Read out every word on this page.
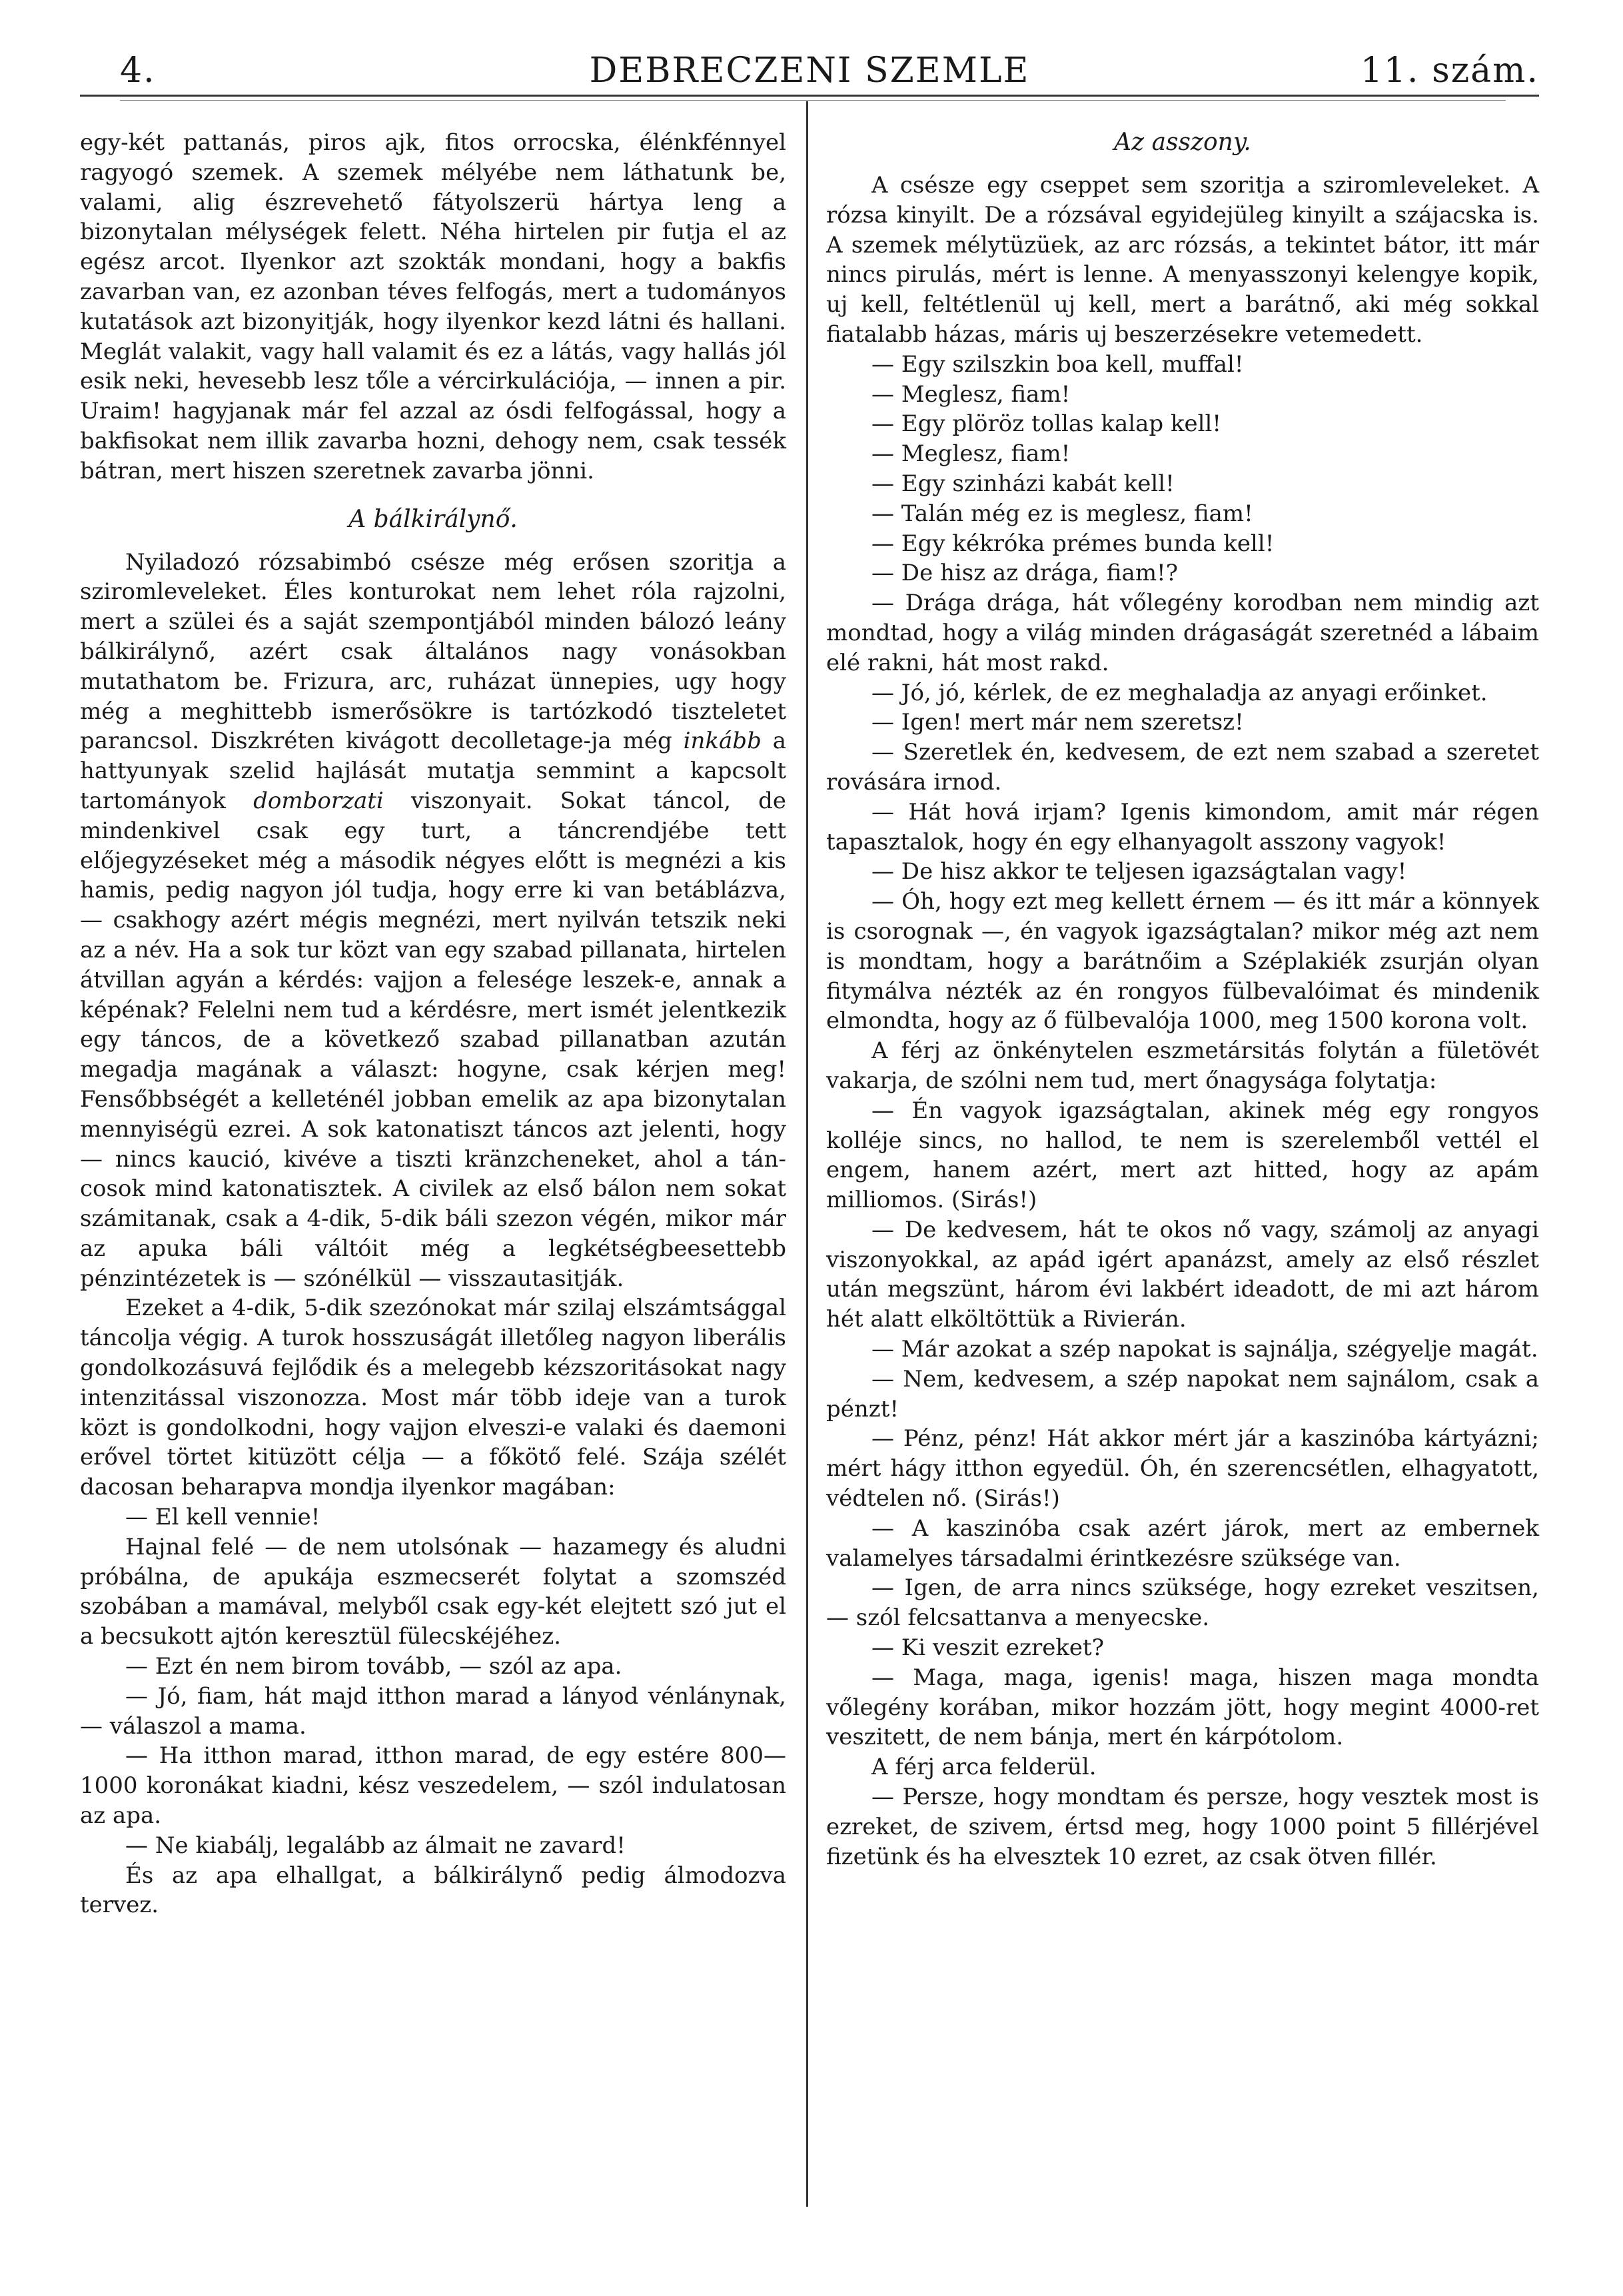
4.	DEBRECZENI SZEMLE	11. szám.

egy-két pattanás, piros ajk, fitos orrocska, élénkfénnyel ragyogó szemek. A szemek mélyébe nem láthatunk be, valami, alig észrevehető fátyolszerü hártya leng a bizonytalan mélységek felett. Néha hirtelen pir futja el az egész arcot. Ilyenkor azt szokták mondani, hogy a bakfis zavarban van, ez azonban téves felfogás, mert a tudományos kutatások azt bizonyitják, hogy ilyenkor kezd látni és hallani. Meglát valakit, vagy hall valamit és ez a látás, vagy hallás jól esik neki, hevesebb lesz tőle a vércirkulációja, — innen a pir. Uraim! hagyjanak már fel azzal az ósdi felfogással, hogy a bakfisokat nem illik zavarba hozni, dehogy nem, csak tessék bátran, mert hiszen szeretnek zavarba jönni.

A bálkirálynő.

Nyiladozó rózsabimbó csésze még erősen szoritja a sziromleveleket. Éles konturokat nem lehet róla rajzolni, mert a szülei és a saját szempontjából minden bálozó leány bálkirálynő, azért csak általános nagy vonásokban mutathatom be. Frizura, arc, ruházat ünnepies, ugy hogy még a meghittebb ismerősökre is tartózkodó tiszteletet parancsol. Diszkréten kivágott decolletage-ja még inkább a hattyunyak szelid hajlását mutatja semmint a kapcsolt tartományok domborzati viszonyait. Sokat táncol, de mindenkivel csak egy turt, a táncrendjébe tett előjegyzéseket még a második négyes előtt is megnézi a kis hamis, pedig nagyon jól tudja, hogy erre ki van betáblázva, — csakhogy azért mégis megnézi, mert nyilván tetszik neki az a név. Ha a sok tur közt van egy szabad pillanata, hirtelen átvillan agyán a kérdés: vajjon a felesége leszek-e, annak a képénak? Felelni nem tud a kérdésre, mert ismét jelentkezik egy táncos, de a következő szabad pillanatban azután megadja magának a választ: hogyne, csak kérjen meg! Fensőbbségét a kelleténél jobban emelik az apa bizonytalan mennyiségü ezrei. A sok katonatiszt táncos azt jelenti, hogy — nincs kaució, kivéve a tiszti kränzcheneket, ahol a táncosok mind katonatisztek. A civilek az első bálon nem sokat számitanak, csak a 4-dik, 5-dik báli szezon végén, mikor már az apuka báli váltóit még a legkétségbeesettebb pénzintézetek is — szónélkül — visszautasitják.

Ezeket a 4-dik, 5-dik szezónokat már szilaj elszámtsággal táncolja végig. A turok hosszuságát illetőleg nagyon liberális gondolkozásuvá fejlődik és a melegebb kézszoritásokat nagy intenzitással viszonozza. Most már több ideje van a turok közt is gondolkodni, hogy vajjon elveszi-e valaki és daemoni erővel törtet kitüzött célja — a főkötő felé. Szája szélét dacosan beharapva mondja ilyenkor magában:

— El kell vennie!

Hajnal felé — de nem utolsónak — hazamegy és aludni próbálna, de apukája eszmecserét folytat a szomszéd szobában a mamával, melyből csak egy-két elejtett szó jut el a becsukott ajtón keresztül fülecskéjéhez.

— Ezt én nem birom tovább, — szól az apa.

— Jó, fiam, hát majd itthon marad a lányod vénlánynak, — válaszol a mama.

— Ha itthon marad, itthon marad, de egy estére 800—1000 koronákat kiadni, kész veszedelem, — szól indulatosan az apa.

— Ne kiabálj, legalább az álmait ne zavard!

És az apa elhallgat, a bálkirálynő pedig álmodozva tervez.

Az asszony.

A csésze egy cseppet sem szoritja a sziromleveleket. A rózsa kinyilt. De a rózsával egyidejüleg kinyilt a szájacska is. A szemek mélytüzüek, az arc rózsás, a tekintet bátor, itt már nincs pirulás, mért is lenne. A menyasszonyi kelengye kopik, uj kell, feltétlenül uj kell, mert a barátnő, aki még sokkal fiatalabb házas, máris uj beszerzésekre vetemedett.

— Egy szilszkin boa kell, muffal!

— Meglesz, fiam!

— Egy plöröz tollas kalap kell!

— Meglesz, fiam!

— Egy szinházi kabát kell!

— Talán még ez is meglesz, fiam!

— Egy kékróka prémes bunda kell!

— De hisz az drága, fiam!?

— Drága drága, hát vőlegény korodban nem mindig azt mondtad, hogy a világ minden drágaságát szeretnéd a lábaim elé rakni, hát most rakd.

— Jó, jó, kérlek, de ez meghaladja az anyagi erőinket.

— Igen! mert már nem szeretsz!

— Szeretlek én, kedvesem, de ezt nem szabad a szeretet rovására irnod.

— Hát hová irjam? Igenis kimondom, amit már régen tapasztalok, hogy én egy elhanyagolt asszony vagyok!

— De hisz akkor te teljesen igazságtalan vagy!

— Óh, hogy ezt meg kellett érnem — és itt már a könnyek is csorognak —, én vagyok igazságtalan? mikor még azt nem is mondtam, hogy a barátnőim a Széplakiék zsurján olyan fitymálva nézték az én rongyos fülbevalóimat és mindenik elmondta, hogy az ő fülbevalója 1000, meg 1500 korona volt.

A férj az önkénytelen eszmetársitás folytán a fületövét vakarja, de szólni nem tud, mert őnagysága folytatja:

— Én vagyok igazságtalan, akinek még egy rongyos kolléje sincs, no hallod, te nem is szerelemből vettél el engem, hanem azért, mert azt hitted, hogy az apám milliomos. (Sirás!)

— De kedvesem, hát te okos nő vagy, számolj az anyagi viszonyokkal, az apád igért apanázst, amely az első részlet után megszünt, három évi lakbért ideadott, de mi azt három hét alatt elköltöttük a Rivierán.

— Már azokat a szép napokat is sajnálja, szégyelje magát.

— Nem, kedvesem, a szép napokat nem sajnálom, csak a pénzt!

— Pénz, pénz! Hát akkor mért jár a kaszinóba kártyázni; mért hágy itthon egyedül. Óh, én szerencsétlen, elhagyatott, védtelen nő. (Sirás!)

— A kaszinóba csak azért járok, mert az embernek valamelyes társadalmi érintkezésre szüksége van.

— Igen, de arra nincs szüksége, hogy ezreket veszitsen, — szól felcsattanva a menyecske.

— Ki veszit ezreket?

— Maga, maga, igenis! maga, hiszen maga mondta vőlegény korában, mikor hozzám jött, hogy megint 4000-ret veszitett, de nem bánja, mert én kárpótolom.

A férj arca felderül.

— Persze, hogy mondtam és persze, hogy vesztek most is ezreket, de szivem, értsd meg, hogy 1000 point 5 fillérjével fizetünk és ha elvesztek 10 ezret, az csak ötven fillér.
